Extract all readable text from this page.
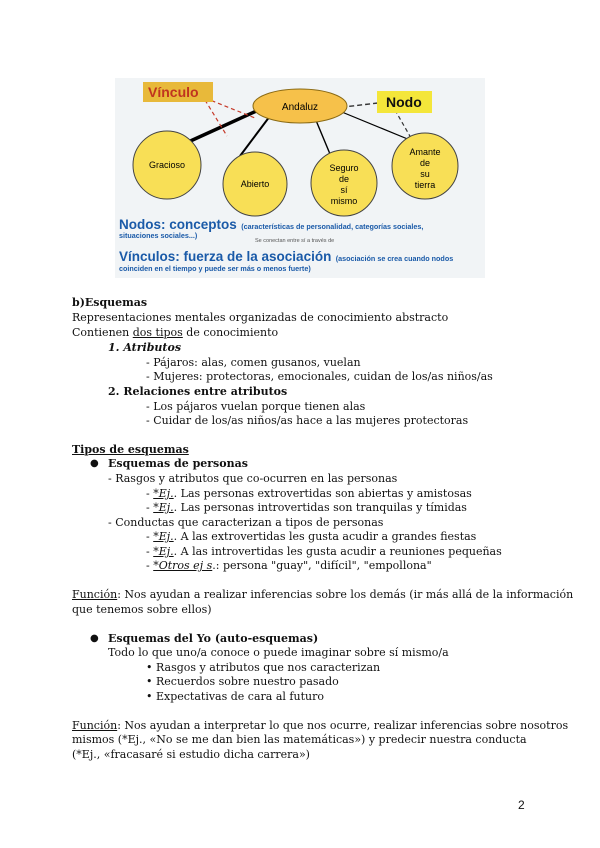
Andaluz
Vínculo
Nodo
Gracioso
Abierto
Seguro
de
sí
mismo
Amante
de
su
tierra
Nodos: conceptos (características de personalidad, categorías sociales,
situaciones sociales...)
Se conectan entre sí a través de
Vínculos: fuerza de la asociación (asociación se crea cuando nodos
coinciden en el tiempo y puede ser más o menos fuerte)
b)Esquemas
Representaciones mentales organizadas de conocimiento abstracto
Contienen dos tipos de conocimiento
1. Atributos
- Pájaros: alas, comen gusanos, vuelan
- Mujeres: protectoras, emocionales, cuidan de los/as niños/as
2. Relaciones entre atributos
- Los pájaros vuelan porque tienen alas
- Cuidar de los/as niños/as hace a las mujeres protectoras
Tipos de esquemas
● Esquemas de personas
- Rasgos y atributos que co-ocurren en las personas
- *Ej.. Las personas extrovertidas son abiertas y amistosas
- *Ej.. Las personas introvertidas son tranquilas y tímidas
- Conductas que caracterizan a tipos de personas
- *Ej.. A las extrovertidas les gusta acudir a grandes fiestas
- *Ej.. A las introvertidas les gusta acudir a reuniones pequeñas
- *Otros ej s.: persona "guay", "difícil", "empollona"
Función: Nos ayudan a realizar inferencias sobre los demás (ir más allá de la información
que tenemos sobre ellos)
● Esquemas del Yo (auto-esquemas)
Todo lo que uno/a conoce o puede imaginar sobre sí mismo/a
• Rasgos y atributos que nos caracterizan
• Recuerdos sobre nuestro pasado
• Expectativas de cara al futuro
Función: Nos ayudan a interpretar lo que nos ocurre, realizar inferencias sobre nosotros
mismos (*Ej., «No se me dan bien las matemáticas») y predecir nuestra conducta
(*Ej., «fracasaré si estudio dicha carrera»)
2
